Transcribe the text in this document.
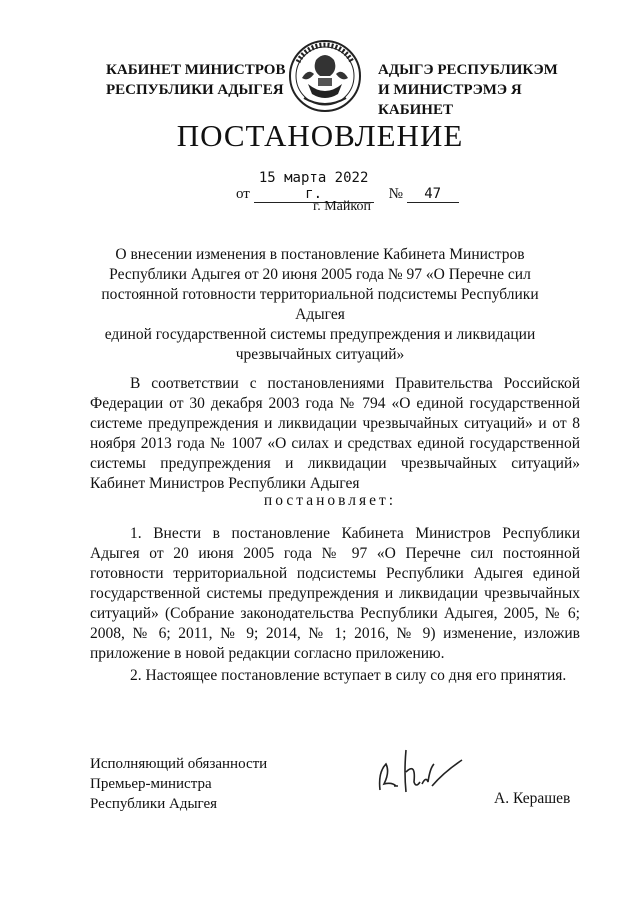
КАБИНЕТ МИНИСТРОВ
РЕСПУБЛИКИ АДЫГЕЯ
АДЫГЭ РЕСПУБЛИКЭМ
И МИНИСТРЭМЭ Я КАБИНЕТ
ПОСТАНОВЛЕНИЕ
от 15 марта 2022 г.	№ 47
г. Майкоп
О внесении изменения в постановление Кабинета Министров
Республики Адыгея от 20 июня 2005 года № 97 «О Перечне сил
постоянной готовности территориальной подсистемы Республики Адыгея
единой государственной системы предупреждения и ликвидации
чрезвычайных ситуаций»
В соответствии с постановлениями Правительства Российской Федерации от 30 декабря 2003 года № 794 «О единой государственной системе предупреждения и ликвидации чрезвычайных ситуаций» и от 8 ноября 2013 года № 1007 «О силах и средствах единой государственной системы предупреждения и ликвидации чрезвычайных ситуаций» Кабинет Министров Республики Адыгея
постановляет:
1. Внести в постановление Кабинета Министров Республики Адыгея от 20 июня 2005 года № 97 «О Перечне сил постоянной готовности территориальной подсистемы Республики Адыгея единой государственной системы предупреждения и ликвидации чрезвычайных ситуаций» (Собрание законодательства Республики Адыгея, 2005, № 6; 2008, № 6; 2011, № 9; 2014, № 1; 2016, № 9) изменение, изложив приложение в новой редакции согласно приложению.
2. Настоящее постановление вступает в силу со дня его принятия.
Исполняющий обязанности
Премьер-министра
Республики Адыгея	А. Керашев
